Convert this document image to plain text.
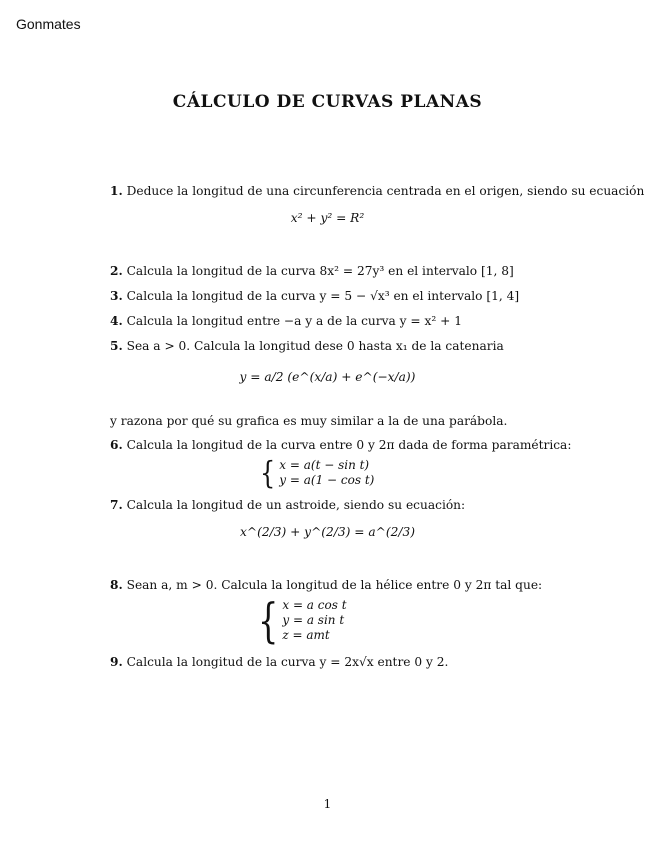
Gonmates
CÁLCULO DE CURVAS PLANAS
1. Deduce la longitud de una circunferencia centrada en el origen, siendo su ecuación
x² + y² = R²
2. Calcula la longitud de la curva 8x² = 27y³ en el intervalo [1, 8]
3. Calcula la longitud de la curva y = 5 − √x³ en el intervalo [1, 4]
4. Calcula la longitud entre −a y a de la curva y = x² + 1
5. Sea a > 0. Calcula la longitud dese 0 hasta x₁ de la catenaria
y = a/2 (e^(x/a) + e^(−x/a))
y razona por qué su grafica es muy similar a la de una parábola.
6. Calcula la longitud de la curva entre 0 y 2π dada de forma paramétrica:
{ x = a(t − sin t)
y = a(1 − cos t)
7. Calcula la longitud de un astroide, siendo su ecuación:
x^(2/3) + y^(2/3) = a^(2/3)
8. Sean a, m > 0. Calcula la longitud de la hélice entre 0 y 2π tal que:
{ x = a cos t
y = a sin t
z = amt
9. Calcula la longitud de la curva y = 2x√x entre 0 y 2.
1
